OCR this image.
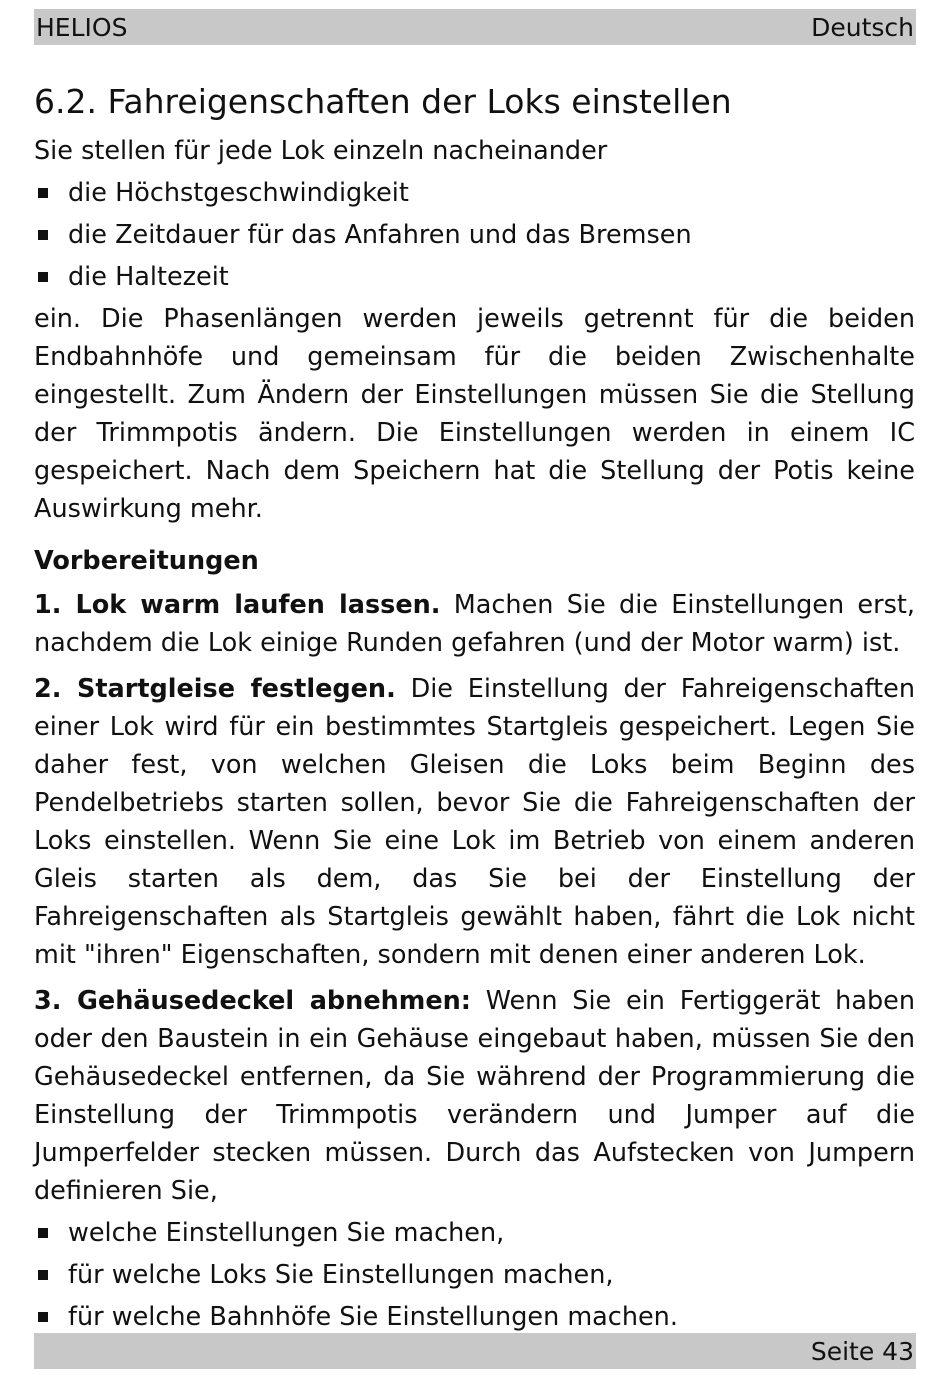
HELIOS	Deutsch
6.2. Fahreigenschaften der Loks einstellen

Sie stellen für jede Lok einzeln nacheinander

die Höchstgeschwindigkeit
die Zeitdauer für das Anfahren und das Bremsen
die Haltezeit

ein. Die Phasenlängen werden jeweils getrennt für die beiden Endbahnhöfe und gemeinsam für die beiden Zwischenhalte eingestellt. Zum Ändern der Einstellungen müssen Sie die Stellung der Trimmpotis ändern. Die Einstellungen werden in einem IC gespeichert. Nach dem Speichern hat die Stellung der Potis keine Auswirkung mehr.

Vorbereitungen

1. Lok warm laufen lassen. Machen Sie die Einstellungen erst, nachdem die Lok einige Runden gefahren (und der Motor warm) ist.

2. Startgleise festlegen. Die Einstellung der Fahreigenschaften einer Lok wird für ein bestimmtes Startgleis gespeichert. Legen Sie daher fest, von welchen Gleisen die Loks beim Beginn des Pendelbetriebs starten sollen, bevor Sie die Fahreigenschaften der Loks einstellen. Wenn Sie eine Lok im Betrieb von einem anderen Gleis starten als dem, das Sie bei der Einstellung der Fahreigenschaften als Startgleis gewählt haben, fährt die Lok nicht mit "ihren" Eigenschaften, sondern mit denen einer anderen Lok.

3. Gehäusedeckel abnehmen: Wenn Sie ein Fertiggerät haben oder den Baustein in ein Gehäuse eingebaut haben, müssen Sie den Gehäusedeckel entfernen, da Sie während der Programmierung die Einstellung der Trimmpotis verändern und Jumper auf die Jumperfelder stecken müssen. Durch das Aufstecken von Jumpern definieren Sie,

welche Einstellungen Sie machen,
für welche Loks Sie Einstellungen machen,
für welche Bahnhöfe Sie Einstellungen machen.
Seite 43
